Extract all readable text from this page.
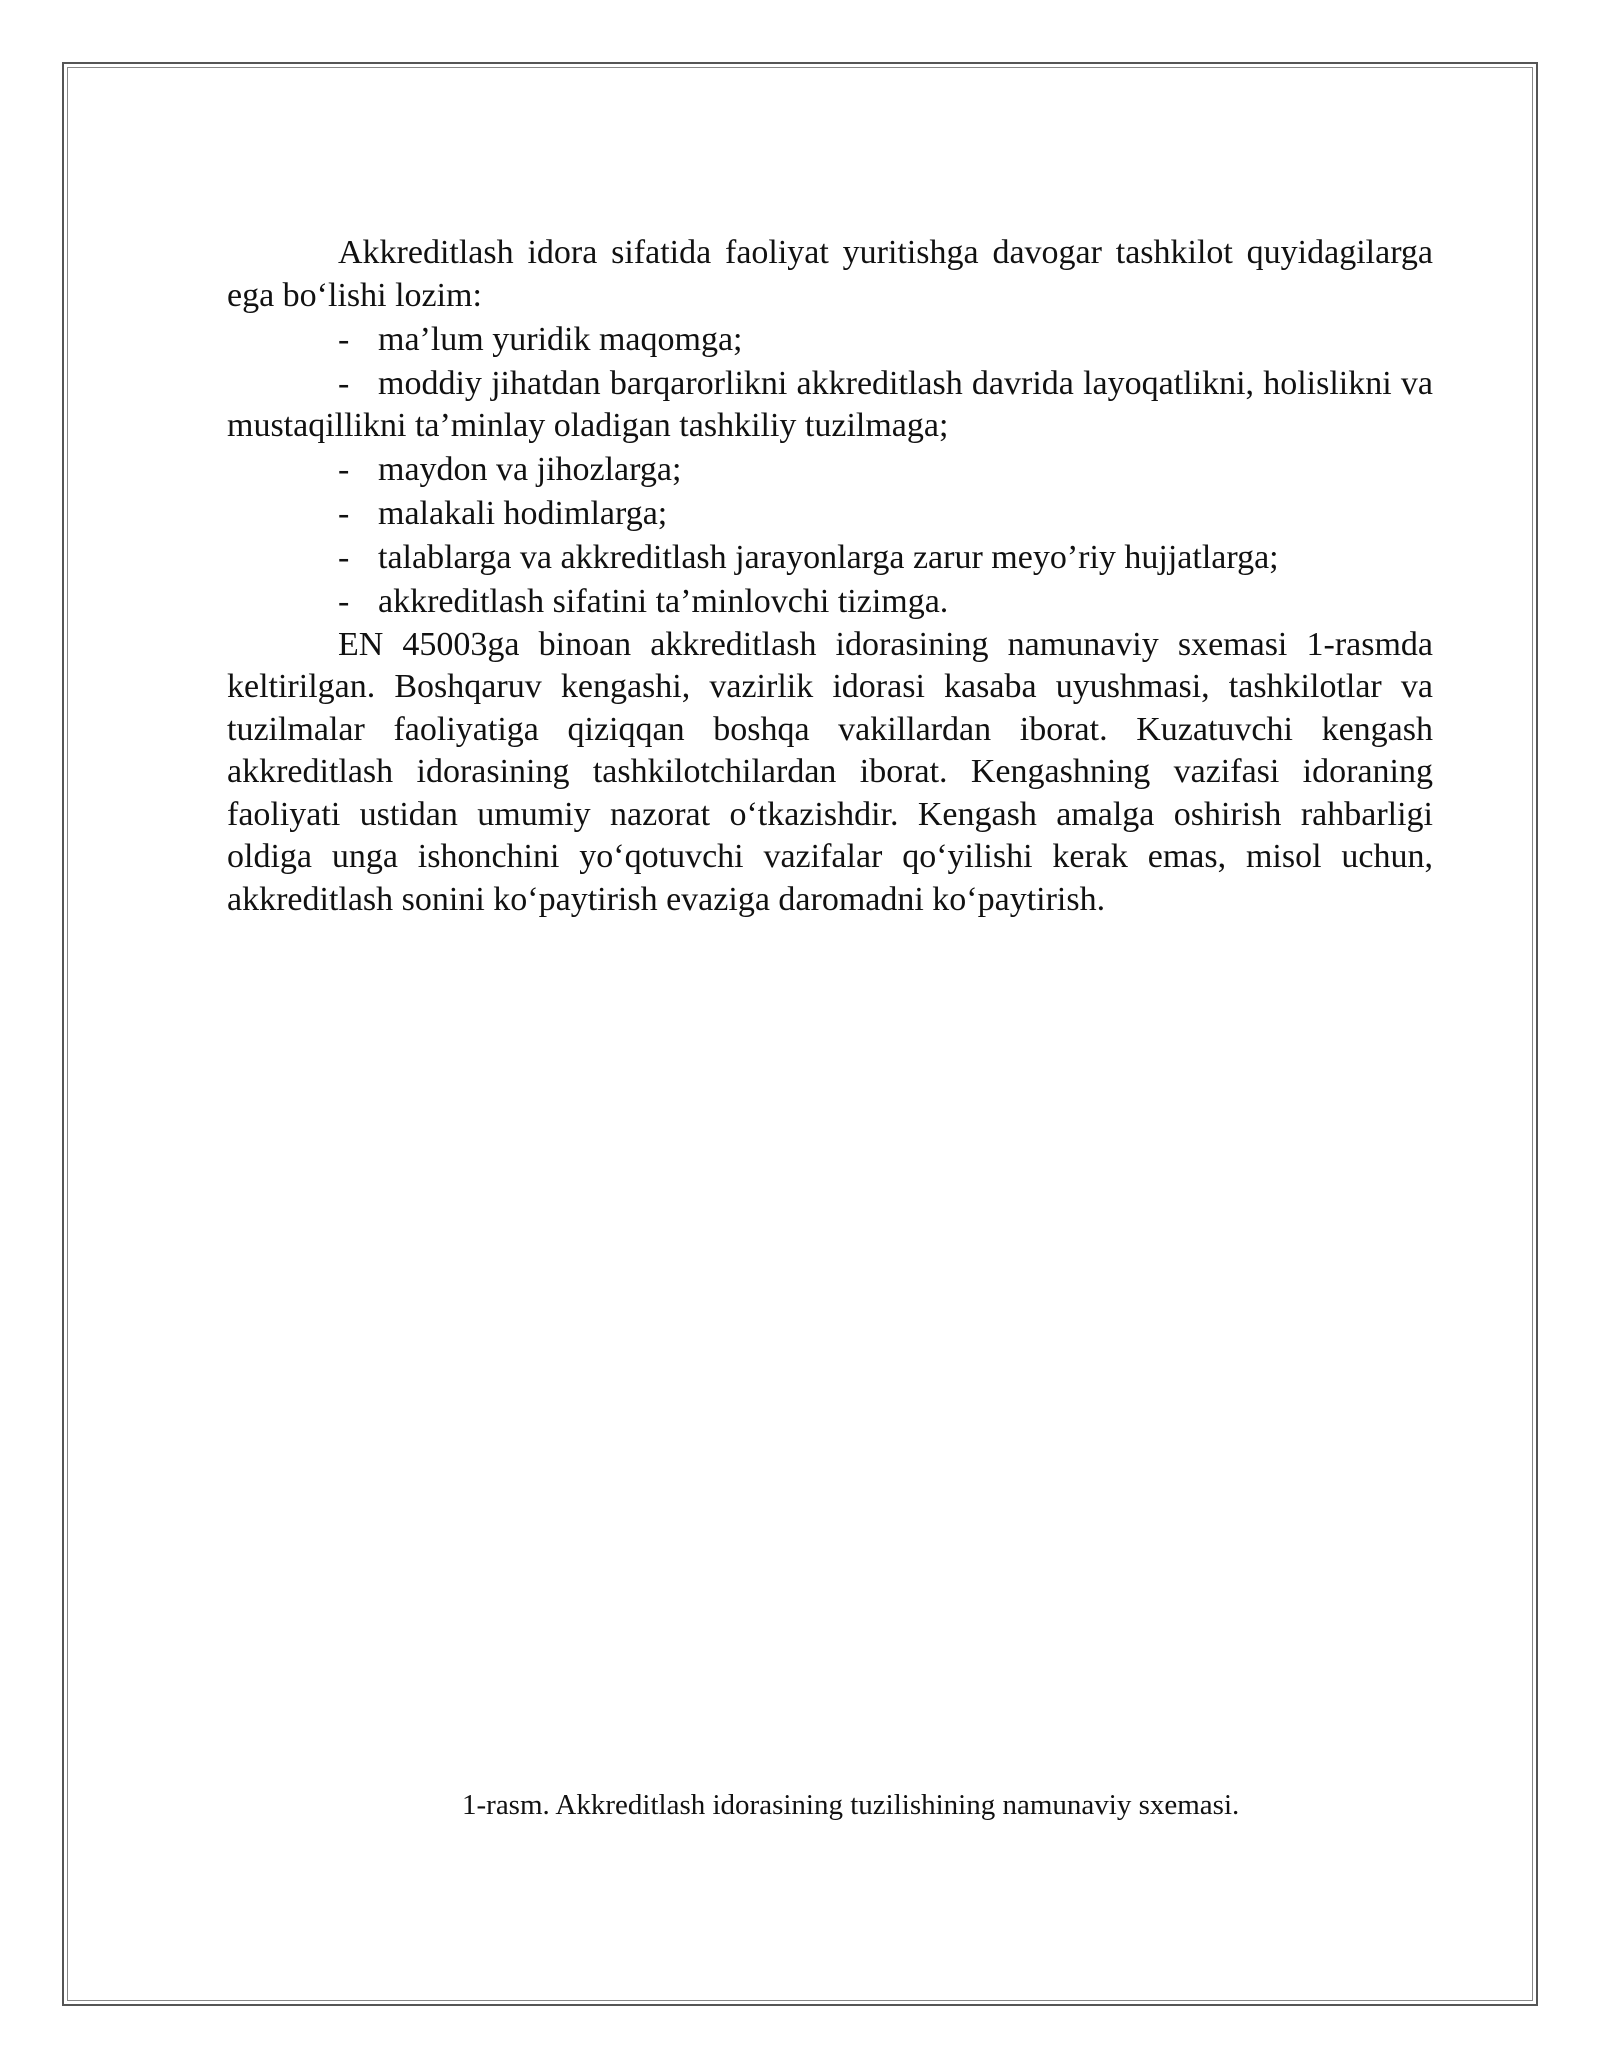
Akkreditlash idora sifatida faoliyat yuritishga davogar tashkilot quyidagilarga ega bo‘lishi lozim:

- ma’lum yuridik maqomga;

- moddiy jihatdan barqarorlikni akkreditlash davrida layoqatlikni, holislikni va mustaqillikni ta’minlay oladigan tashkiliy tuzilmaga;

- maydon va jihozlarga;

- malakali hodimlarga;

- talablarga va akkreditlash jarayonlarga zarur meyo’riy hujjatlarga;

- akkreditlash sifatini ta’minlovchi tizimga.

EN 45003ga binoan akkreditlash idorasining namunaviy sxemasi 1-rasmda keltirilgan. Boshqaruv kengashi, vazirlik idorasi kasaba uyushmasi, tashkilotlar va tuzilmalar faoliyatiga qiziqqan boshqa vakillardan iborat. Kuzatuvchi kengash akkreditlash idorasining tashkilotchilardan iborat. Kengashning vazifasi idoraning faoliyati ustidan umumiy nazorat o‘tkazishdir. Kengash amalga oshirish rahbarligi oldiga unga ishonchini yo‘qotuvchi vazifalar qo‘yilishi kerak emas, misol uchun, akkreditlash sonini ko‘paytirish evaziga daromadni ko‘paytirish.

1-rasm. Akkreditlash idorasining tuzilishining namunaviy sxemasi.
